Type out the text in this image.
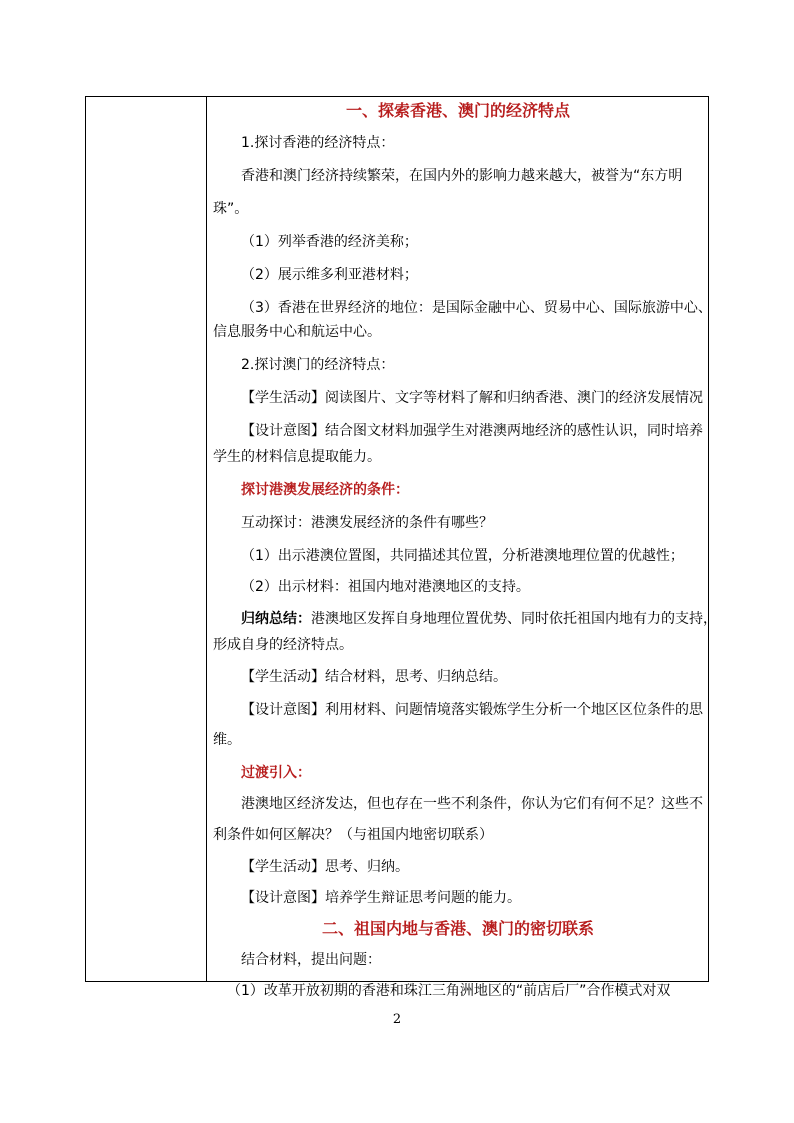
一、探索香港、澳门的经济特点
1.探讨香港的经济特点：
香港和澳门经济持续繁荣，在国内外的影响力越来越大，被誉为“东方明
珠”。
（1）列举香港的经济美称；
（2）展示维多利亚港材料；
（3）香港在世界经济的地位：是国际金融中心、贸易中心、国际旅游中心、
信息服务中心和航运中心。
2.探讨澳门的经济特点：
【学生活动】阅读图片、文字等材料了解和归纳香港、澳门的经济发展情况
【设计意图】结合图文材料加强学生对港澳两地经济的感性认识，同时培养
学生的材料信息提取能力。
探讨港澳发展经济的条件：
互动探讨：港澳发展经济的条件有哪些？
（1）出示港澳位置图，共同描述其位置，分析港澳地理位置的优越性；
（2）出示材料：祖国内地对港澳地区的支持。
归纳总结：港澳地区发挥自身地理位置优势、同时依托祖国内地有力的支持，
形成自身的经济特点。
【学生活动】结合材料，思考、归纳总结。
【设计意图】利用材料、问题情境落实锻炼学生分析一个地区区位条件的思
维。
过渡引入：
港澳地区经济发达，但也存在一些不利条件，你认为它们有何不足？这些不
利条件如何区解决？（与祖国内地密切联系）
【学生活动】思考、归纳。
【设计意图】培养学生辩证思考问题的能力。
二、祖国内地与香港、澳门的密切联系
结合材料，提出问题：
（1）改革开放初期的香港和珠江三角洲地区的“前店后厂”合作模式对双
2
